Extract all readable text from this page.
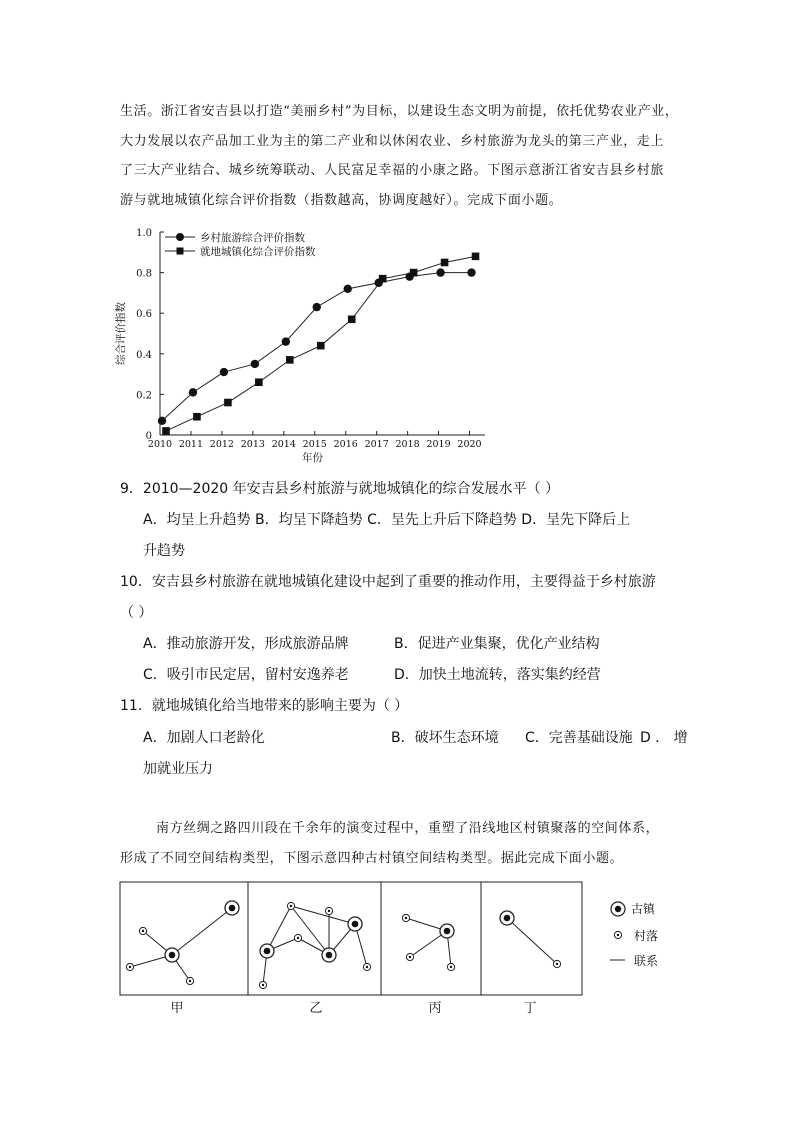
生活。浙江省安吉县以打造“美丽乡村”为目标，以建设生态文明为前提，依托优势农业产业，
大力发展以农产品加工业为主的第二产业和以休闲农业、乡村旅游为龙头的第三产业，走上
了三大产业结合、城乡统筹联动、人民富足幸福的小康之路。下图示意浙江省安吉县乡村旅
游与就地城镇化综合评价指数（指数越高，协调度越好）。完成下面小题。
0
0.2
0.4
0.6
0.8
1.0
2010 2011 2012 2013 2014 2015 2016 2017 2018 2019 2020
年份
综合评价指数
乡村旅游综合评价指数
就地城镇化综合评价指数
9．2010—2020 年安吉县乡村旅游与就地城镇化的综合发展水平（ ）
A．均呈上升趋势 B．均呈下降趋势 C．呈先上升后下降趋势 D．呈先下降后上
升趋势
10．安吉县乡村旅游在就地城镇化建设中起到了重要的推动作用，主要得益于乡村旅游
（ ）
A．推动旅游开发，形成旅游品牌	B．促进产业集聚，优化产业结构
C．吸引市民定居，留村安逸养老	D．加快土地流转，落实集约经营
11．就地城镇化给当地带来的影响主要为（ ）
A．加剧人口老龄化	B．破坏生态环境 C．完善基础设施 D ． 增
加就业压力
南方丝绸之路四川段在千余年的演变过程中，重塑了沿线地区村镇聚落的空间体系，
形成了不同空间结构类型，下图示意四种古村镇空间结构类型。据此完成下面小题。
甲	乙	丙	丁
古镇
村落
联系
